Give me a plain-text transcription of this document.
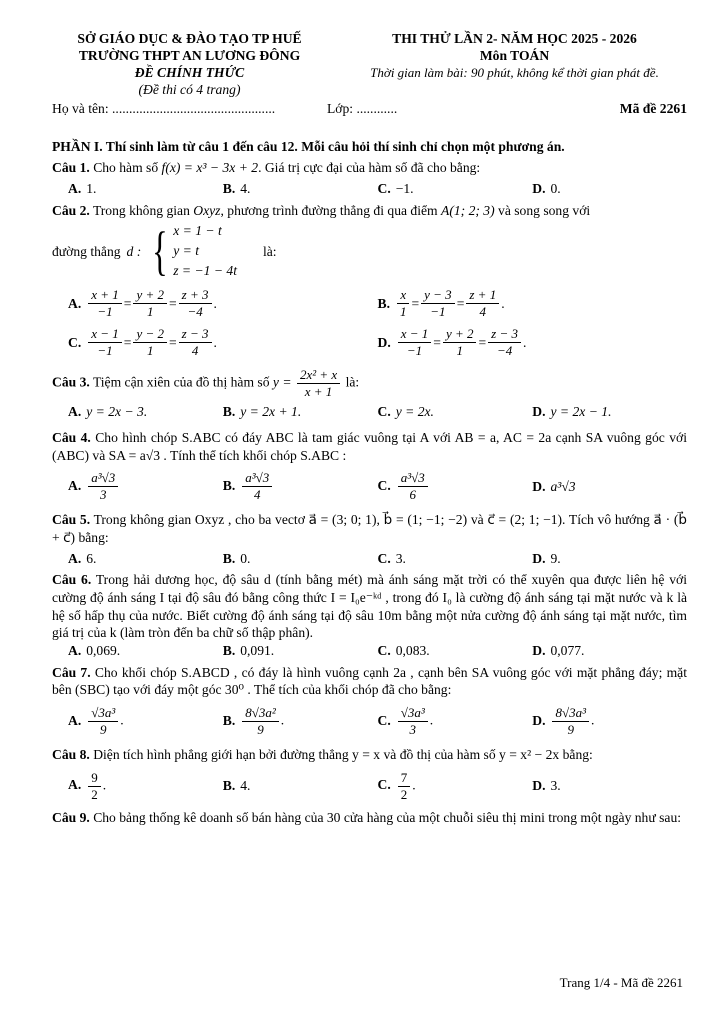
SỞ GIÁO DỤC & ĐÀO TẠO TP HUẾ
TRƯỜNG THPT AN LƯƠNG ĐÔNG
ĐỀ CHÍNH THỨC
(Đề thi có 4 trang)
THI THỬ LẦN 2- NĂM HỌC 2025 - 2026
Môn TOÁN
Thời gian làm bài: 90 phút, không kể thời gian phát đề.
Họ và tên: ................................................	Lớp: ............	Mã đề 2261
PHẦN I. Thí sinh làm từ câu 1 đến câu 12. Mỗi câu hỏi thí sinh chỉ chọn một phương án.
Câu 1. Cho hàm số f(x) = x³ − 3x + 2. Giá trị cực đại của hàm số đã cho bằng:
A. 1.	B. 4.	C. −1.	D. 0.
Câu 2. Trong không gian Oxyz, phương trình đường thẳng đi qua điểm A(1; 2; 3) và song song với
đường thẳng d : { x = 1 − t
y = t
z = −1 − 4t
là:
A. $\frac{x + 1}{-1} = \frac{y + 2}{1} = \frac{z + 3}{-4}$ .	B. $\frac{x}{1} = \frac{y - 3}{-1} = \frac{z + 1}{4}$ .
C. $\frac{x - 1}{-1} = \frac{y - 2}{1} = \frac{z - 3}{4}$ .	D. $\frac{x - 1}{-1} = \frac{y + 2}{1} = \frac{z - 3}{-4}$ .
Câu 3. Tiệm cận xiên của đồ thị hàm số $y = \frac{\text{2x² + x}}{x + 1}$ là:
A. y = 2x − 3.	B. y = 2x + 1.	C. y = 2x.	D. y = 2x − 1.
Câu 4. Cho hình chóp S.ABC có đáy ABC là tam giác vuông tại A với AB = a, AC = 2a cạnh SA vuông góc với (ABC) và SA = a√3 . Tính thể tích khối chóp S.ABC :
A. $\frac{\text{a³√3}}{3}$	B. $\frac{\text{a³√3}}{4}$	C. $\frac{\text{a³√3}}{6}$	D. a³√3
Câu 5. Trong không gian Oxyz , cho ba vectơ a⃗ = (3; 0; 1), b⃗ = (1; −1; −2) và c⃗ = (2; 1; −1). Tích vô hướng a⃗ · (b⃗ + c⃗) bằng:
A. 6.	B. 0.	C. 3.	D. 9.
Câu 6. Trong hải dương học, độ sâu d (tính bằng mét) mà ánh sáng mặt trời có thể xuyên qua được liên hệ với cường độ ánh sáng I tại độ sâu đó bằng công thức I = I₀e⁻ᵏᵈ , trong đó I₀ là cường độ ánh sáng tại mặt nước và k là hệ số hấp thụ của nước. Biết cường độ ánh sáng tại độ sâu 10m bằng một nửa cường độ ánh sáng tại mặt nước, tìm giá trị của k (làm tròn đến ba chữ số thập phân).
A. 0,069.	B. 0,091.	C. 0,083.	D. 0,077.
Câu 7. Cho khối chóp S.ABCD , có đáy là hình vuông cạnh 2a , cạnh bên SA vuông góc với mặt phẳng đáy; mặt bên (SBC) tạo với đáy một góc 30⁰ . Thể tích của khối chóp đã cho bằng:
A. $\frac{\text{√3a³}}{9}$ .	B. $\frac{\text{8√3a²}}{9}$ .	C. $\frac{\text{√3a³}}{3}$ .	D. $\frac{\text{8√3a³}}{9}$ .
Câu 8. Diện tích hình phẳng giới hạn bởi đường thẳng y = x và đồ thị của hàm số y = x² − 2x bằng:
A. $\frac{9}{2}$ .	B. 4.	C. $\frac{7}{2}$ .	D. 3.
Câu 9. Cho bảng thống kê doanh số bán hàng của 30 cửa hàng của một chuỗi siêu thị mini trong một ngày như sau:
Trang 1/4 - Mã đề 2261
